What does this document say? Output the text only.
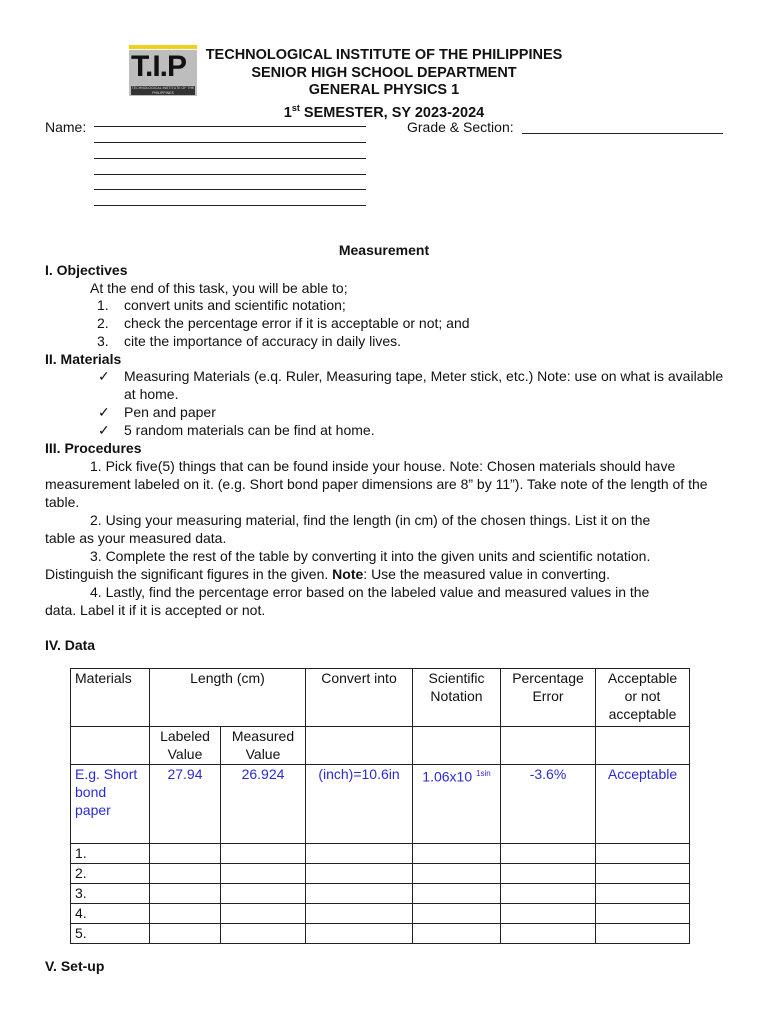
T.I.P
TECHNOLOGICAL INSTITUTE OF THE PHILIPPINES
TECHNOLOGICAL INSTITUTE OF THE PHILIPPINES
SENIOR HIGH SCHOOL DEPARTMENT
GENERAL PHYSICS 1
1st SEMESTER, SY 2023-2024
Name:	Grade & Section:
Measurement
I. Objectives
At the end of this task, you will be able to;
1. convert units and scientific notation;
2. check the percentage error if it is acceptable or not; and
3. cite the importance of accuracy in daily lives.
II. Materials
✓ Measuring Materials (e.q. Ruler, Measuring tape, Meter stick, etc.) Note: use on what is available at home.
✓ Pen and paper
✓ 5 random materials can be find at home.
III. Procedures
1. Pick five(5) things that can be found inside your house. Note: Chosen materials should have
measurement labeled on it. (e.g. Short bond paper dimensions are 8” by 11”). Take note of the length of the table.
2. Using your measuring material, find the length (in cm) of the chosen things. List it on the
table as your measured data.
3. Complete the rest of the table by converting it into the given units and scientific notation.
Distinguish the significant figures in the given. Note: Use the measured value in converting.
4. Lastly, find the percentage error based on the labeled value and measured values in the
data. Label it if it is accepted or not.
IV. Data
Materials	Length (cm)		Convert into	Scientific Notation	Percentage Error	Acceptable or not acceptable
	Labeled Value	Measured Value				
E.g. Short bond paper	27.94	26.924	(inch)=10.6in	1.06x10 $^{1sin}$	-3.6%	Acceptable
1.						
2.						
3.						
4.						
5.						
V. Set-up
